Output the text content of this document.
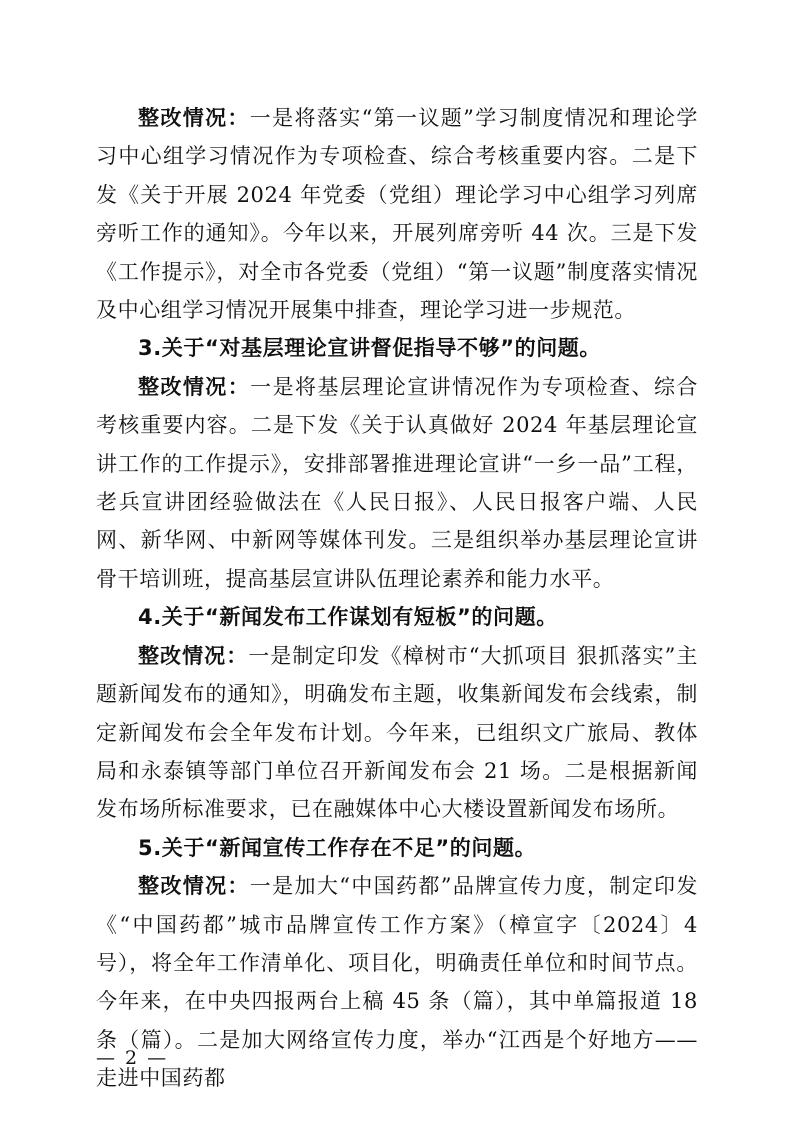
整改情况：一是将落实“第一议题”学习制度情况和理论学习中心组学习情况作为专项检查、综合考核重要内容。二是下发《关于开展 2024 年党委（党组）理论学习中心组学习列席旁听工作的通知》。今年以来，开展列席旁听 44 次。三是下发《工作提示》，对全市各党委（党组）“第一议题”制度落实情况及中心组学习情况开展集中排查，理论学习进一步规范。

3.关于“对基层理论宣讲督促指导不够”的问题。

整改情况：一是将基层理论宣讲情况作为专项检查、综合考核重要内容。二是下发《关于认真做好 2024 年基层理论宣讲工作的工作提示》，安排部署推进理论宣讲“一乡一品”工程，老兵宣讲团经验做法在《人民日报》、人民日报客户端、人民网、新华网、中新网等媒体刊发。三是组织举办基层理论宣讲骨干培训班，提高基层宣讲队伍理论素养和能力水平。

4.关于“新闻发布工作谋划有短板”的问题。

整改情况：一是制定印发《樟树市“大抓项目 狠抓落实”主题新闻发布的通知》，明确发布主题，收集新闻发布会线索，制定新闻发布会全年发布计划。今年来，已组织文广旅局、教体局和永泰镇等部门单位召开新闻发布会 21 场。二是根据新闻发布场所标准要求，已在融媒体中心大楼设置新闻发布场所。

5.关于“新闻宣传工作存在不足”的问题。

整改情况：一是加大“中国药都”品牌宣传力度，制定印发《“中国药都”城市品牌宣传工作方案》（樟宣字〔2024〕4 号），将全年工作清单化、项目化，明确责任单位和时间节点。今年来，在中央四报两台上稿 45 条（篇），其中单篇报道 18 条（篇）。二是加大网络宣传力度，举办“江西是个好地方——走进中国药都

— 2 —
